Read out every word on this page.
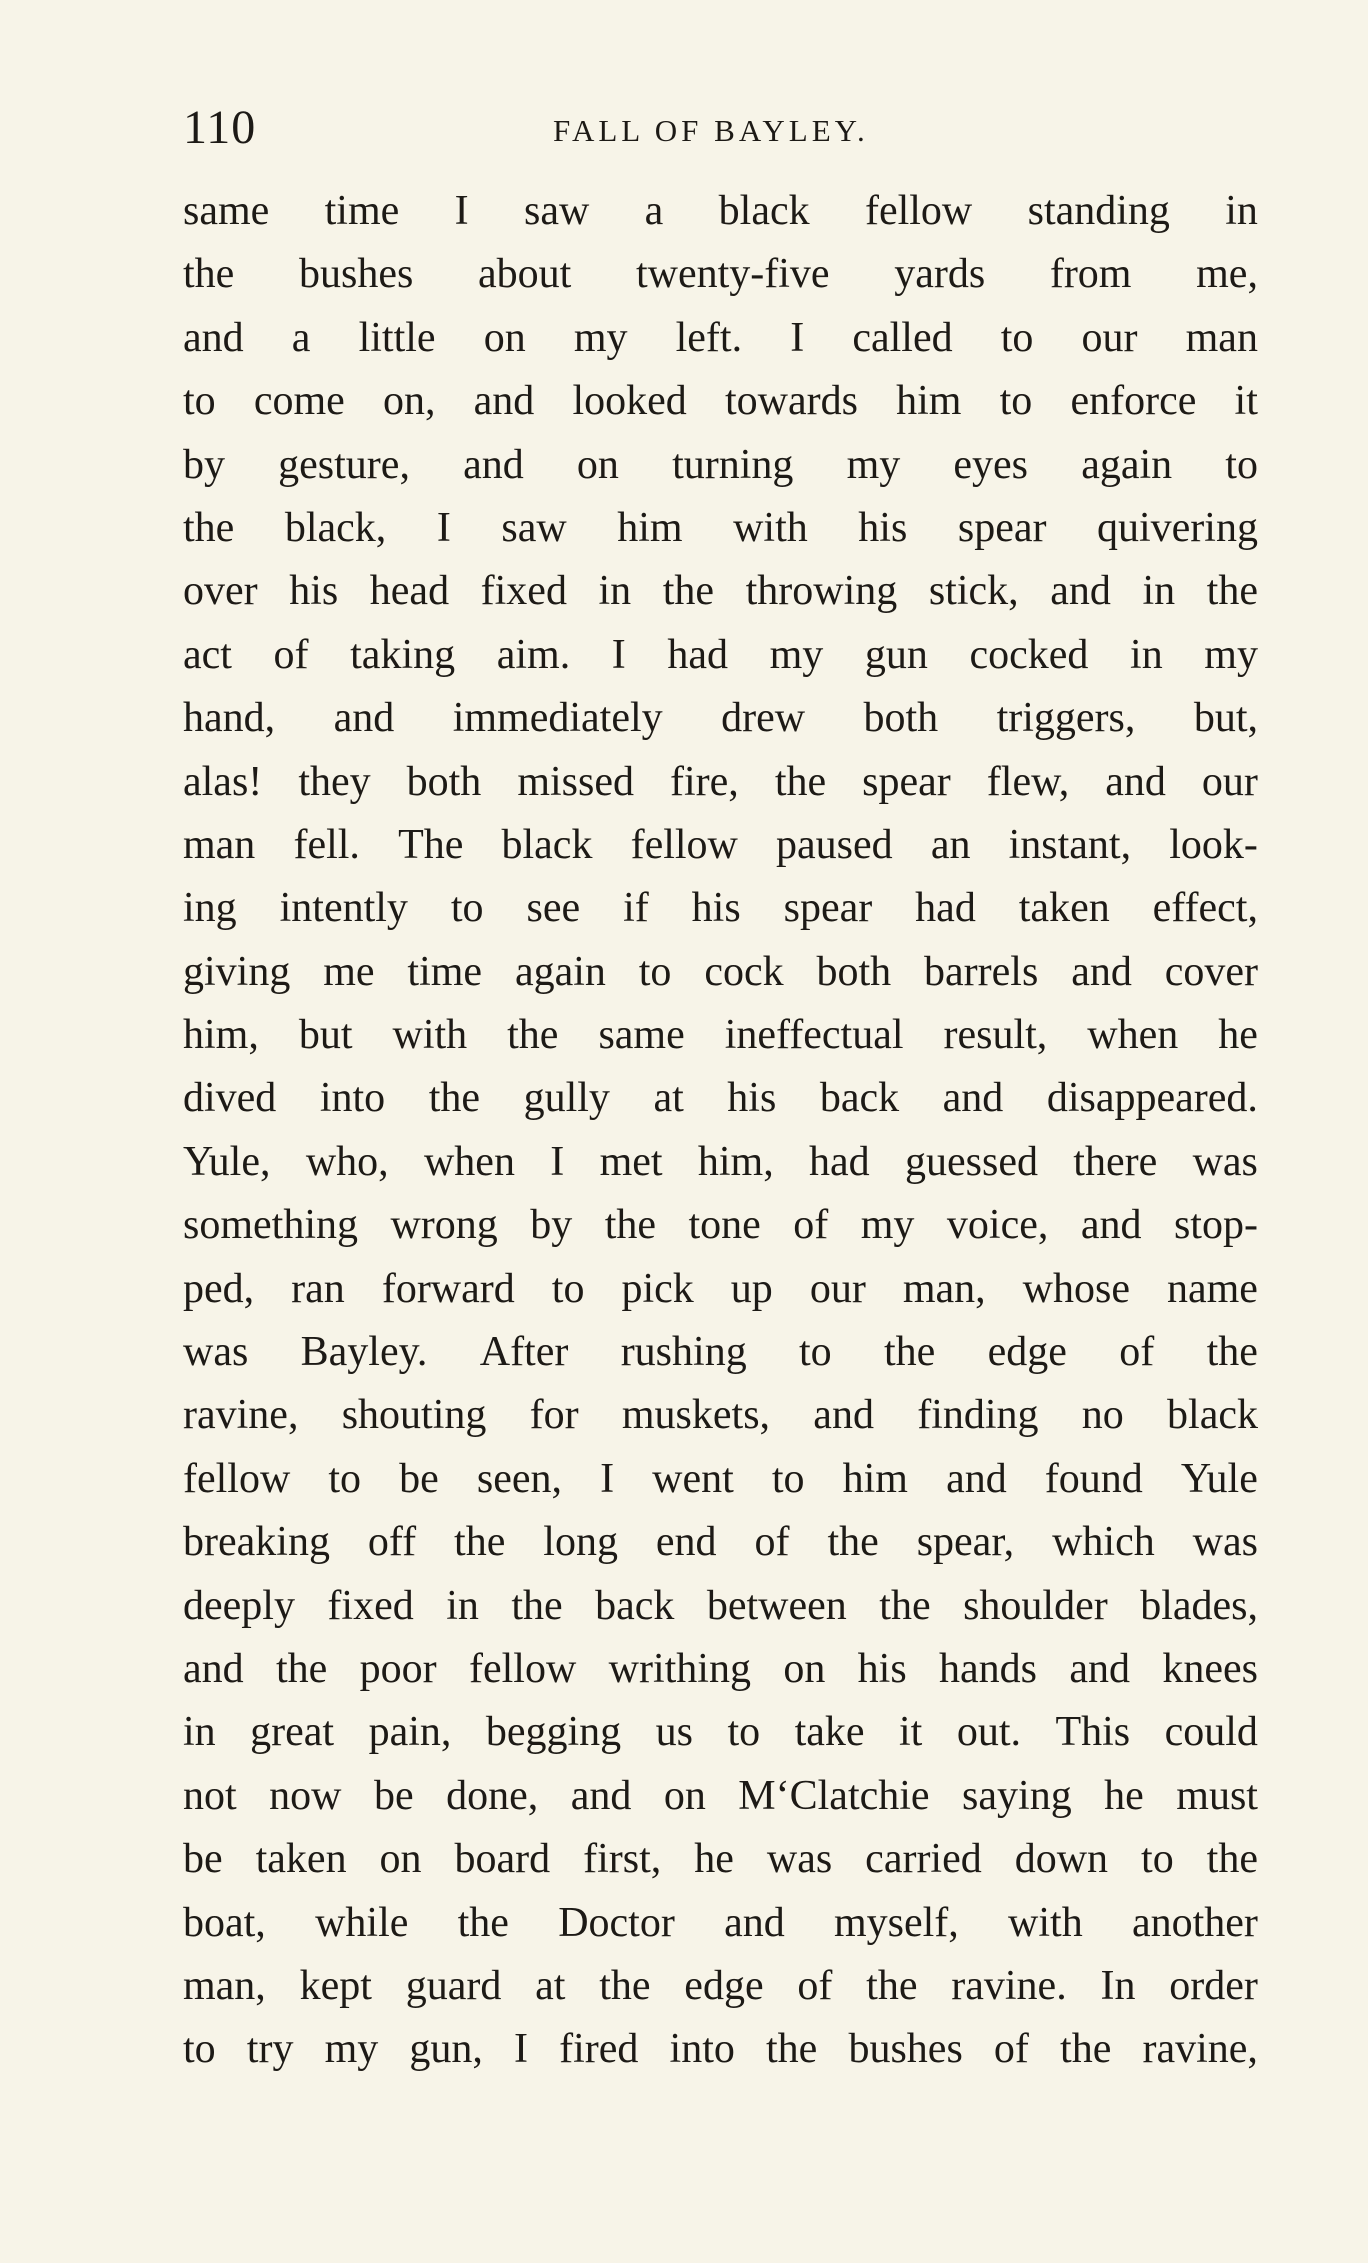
110	FALL OF BAYLEY.
same time I saw a black fellow standing in
the bushes about twenty-five yards from me,
and a little on my left. I called to our man
to come on, and looked towards him to enforce it
by gesture, and on turning my eyes again to
the black, I saw him with his spear quivering
over his head fixed in the throwing stick, and in the
act of taking aim. I had my gun cocked in my
hand, and immediately drew both triggers, but,
alas! they both missed fire, the spear flew, and our
man fell. The black fellow paused an instant, look-
ing intently to see if his spear had taken effect,
giving me time again to cock both barrels and cover
him, but with the same ineffectual result, when he
dived into the gully at his back and disappeared.
Yule, who, when I met him, had guessed there was
something wrong by the tone of my voice, and stop-
ped, ran forward to pick up our man, whose name
was Bayley. After rushing to the edge of the
ravine, shouting for muskets, and finding no black
fellow to be seen, I went to him and found Yule
breaking off the long end of the spear, which was
deeply fixed in the back between the shoulder blades,
and the poor fellow writhing on his hands and knees
in great pain, begging us to take it out. This could
not now be done, and on M‘Clatchie saying he must
be taken on board first, he was carried down to the
boat, while the Doctor and myself, with another
man, kept guard at the edge of the ravine. In order
to try my gun, I fired into the bushes of the ravine,
